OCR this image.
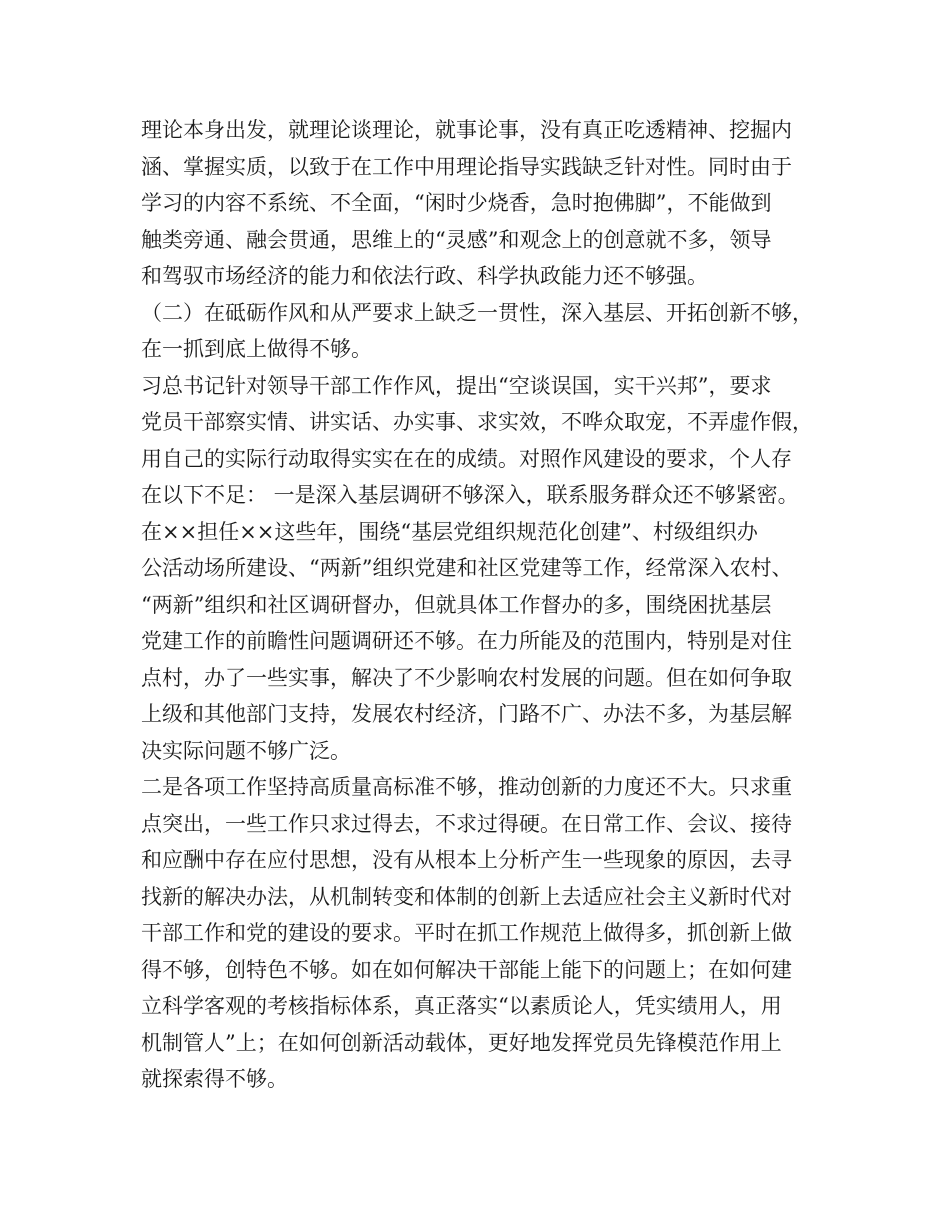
理论本身出发，就理论谈理论，就事论事，没有真正吃透精神、挖掘内
涵、掌握实质，以致于在工作中用理论指导实践缺乏针对性。同时由于
学习的内容不系统、不全面，“闲时少烧香，急时抱佛脚”，不能做到
触类旁通、融会贯通，思维上的“灵感”和观念上的创意就不多，领导
和驾驭市场经济的能力和依法行政、科学执政能力还不够强。
（二）在砥砺作风和从严要求上缺乏一贯性，深入基层、开拓创新不够，
在一抓到底上做得不够。
习总书记针对领导干部工作作风，提出“空谈误国，实干兴邦”，要求
党员干部察实情、讲实话、办实事、求实效，不哗众取宠，不弄虚作假，
用自己的实际行动取得实实在在的成绩。对照作风建设的要求，个人存
在以下不足： 一是深入基层调研不够深入，联系服务群众还不够紧密。
在××担任××这些年，围绕“基层党组织规范化创建”、村级组织办
公活动场所建设、“两新”组织党建和社区党建等工作，经常深入农村、
“两新”组织和社区调研督办，但就具体工作督办的多，围绕困扰基层
党建工作的前瞻性问题调研还不够。在力所能及的范围内，特别是对住
点村，办了一些实事，解决了不少影响农村发展的问题。但在如何争取
上级和其他部门支持，发展农村经济，门路不广、办法不多，为基层解
决实际问题不够广泛。
二是各项工作坚持高质量高标准不够，推动创新的力度还不大。只求重
点突出，一些工作只求过得去，不求过得硬。在日常工作、会议、接待
和应酬中存在应付思想，没有从根本上分析产生一些现象的原因，去寻
找新的解决办法，从机制转变和体制的创新上去适应社会主义新时代对
干部工作和党的建设的要求。平时在抓工作规范上做得多，抓创新上做
得不够，创特色不够。如在如何解决干部能上能下的问题上；在如何建
立科学客观的考核指标体系，真正落实“以素质论人，凭实绩用人，用
机制管人”上；在如何创新活动载体，更好地发挥党员先锋模范作用上
就探索得不够。
